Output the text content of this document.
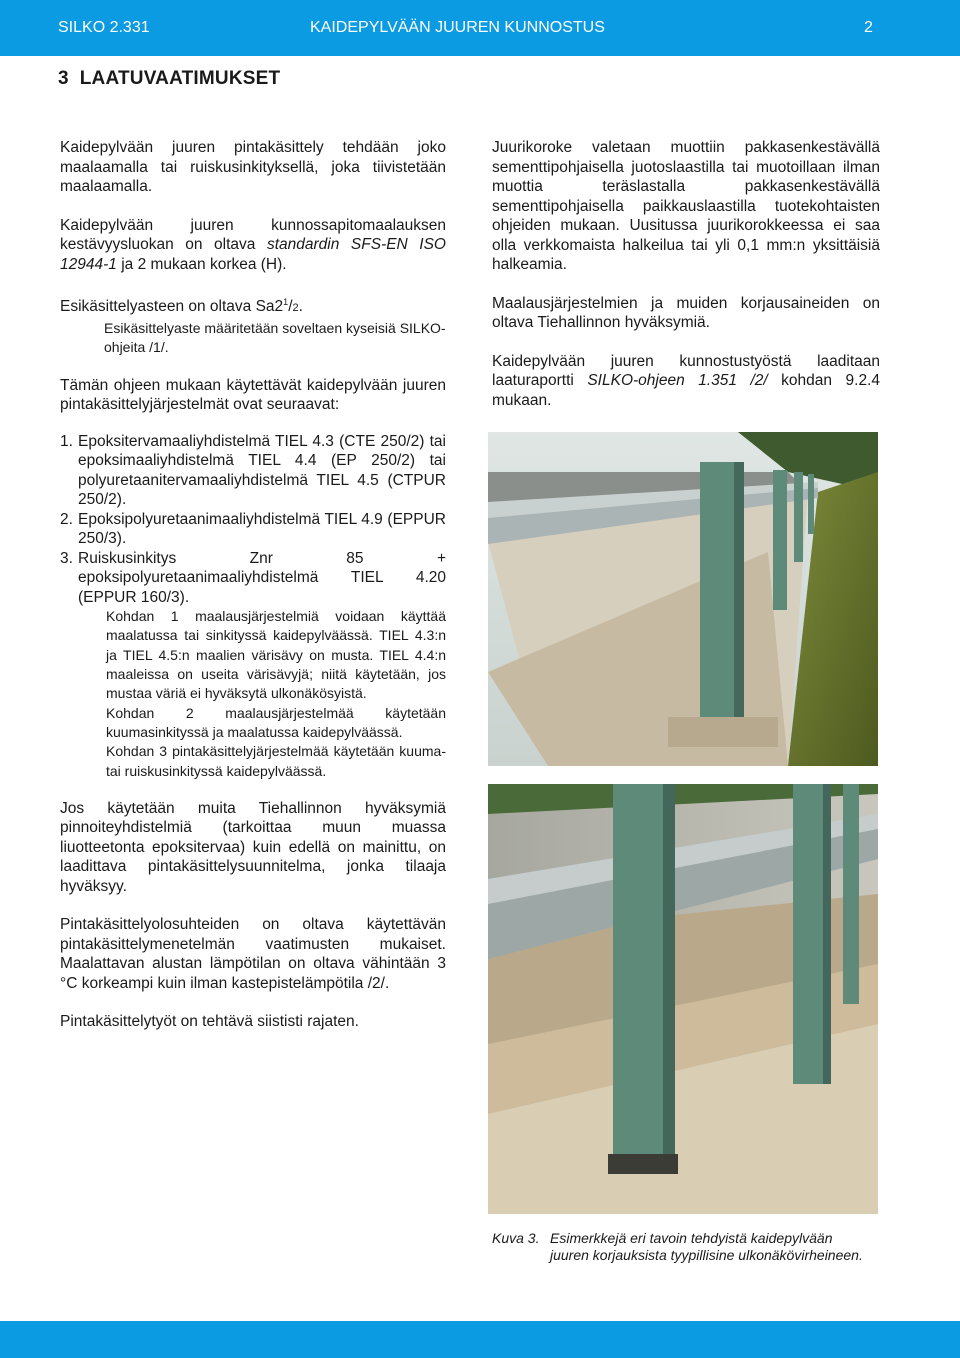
SILKO 2.331	KAIDEPYLVÄÄN JUUREN KUNNOSTUS	2
3 LAATUVAATIMUKSET

Kaidepylvään juuren pintakäsittely tehdään joko maalaamalla tai ruiskusinkityksellä, joka tiivistetään maalaamalla.

Kaidepylvään juuren kunnossapitomaalauksen kestävyysluokan on oltava standardin SFS-EN ISO 12944-1 ja 2 mukaan korkea (H).

Esikäsittelyasteen on oltava $Sa2^1/2$.

Esikäsittelyaste määritetään soveltaen kyseisiä SILKO-ohjeita /1/.

Tämän ohjeen mukaan käytettävät kaidepylvään juuren pintakäsittelyjärjestelmät ovat seuraavat:

1. Epoksitervamaaliyhdistelmä TIEL 4.3 (CTE 250/2) tai epoksimaaliyhdistelmä TIEL 4.4 (EP 250/2) tai polyuretaanitervamaaliyhdistelmä TIEL 4.5 (CTPUR 250/2).
2. Epoksipolyuretaanimaaliyhdistelmä TIEL 4.9 (EPPUR 250/3).
3. Ruiskusinkitys Znr 85 + epoksipolyuretaanimaaliyhdistelmä TIEL 4.20 (EPPUR 160/3).
Kohdan 1 maalausjärjestelmiä voidaan käyttää maalatussa tai sinkityssä kaidepylväässä. TIEL 4.3:n ja TIEL 4.5:n maalien värisävy on musta. TIEL 4.4:n maaleissa on useita värisävyjä; niitä käytetään, jos mustaa väriä ei hyväksytä ulkonäkösyistä.
Kohdan 2 maalausjärjestelmää käytetään kuumasinkityssä ja maalatussa kaidepylväässä.
Kohdan 3 pintakäsittelyjärjestelmää käytetään kuuma- tai ruiskusinkityssä kaidepylväässä.

Jos käytetään muita Tiehallinnon hyväksymiä pinnoiteyhdistelmiä (tarkoittaa muun muassa liuotteetonta epoksitervaa) kuin edellä on mainittu, on laadittava pintakäsittelysuunnitelma, jonka tilaaja hyväksyy.

Pintakäsittelyolosuhteiden on oltava käytettävän pintakäsittelymenetelmän vaatimusten mukaiset. Maalattavan alustan lämpötilan on oltava vähintään 3 °C korkeampi kuin ilman kastepistelämpötila /2/.

Pintakäsittelytyöt on tehtävä siististi rajaten.

Juurikoroke valetaan muottiin pakkasenkestävällä sementtipohjaisella juotoslaastilla tai muotoillaan ilman muottia teräslastalla pakkasenkestävällä sementtipohjaisella paikkauslaastilla tuotekohtaisten ohjeiden mukaan. Uusitussa juurikorokkeessa ei saa olla verkkomaista halkeilua tai yli 0,1 mm:n yksittäisiä halkeamia.

Maalausjärjestelmien ja muiden korjausaineiden on oltava Tiehallinnon hyväksymiä.

Kaidepylvään juuren kunnostustyöstä laaditaan laaturaportti SILKO-ohjeen 1.351 /2/ kohdan 9.2.4 mukaan.

Kuva 3. Esimerkkejä eri tavoin tehdyistä kaidepylvään juuren korjauksista tyypillisine ulkonäkövirheineen.
